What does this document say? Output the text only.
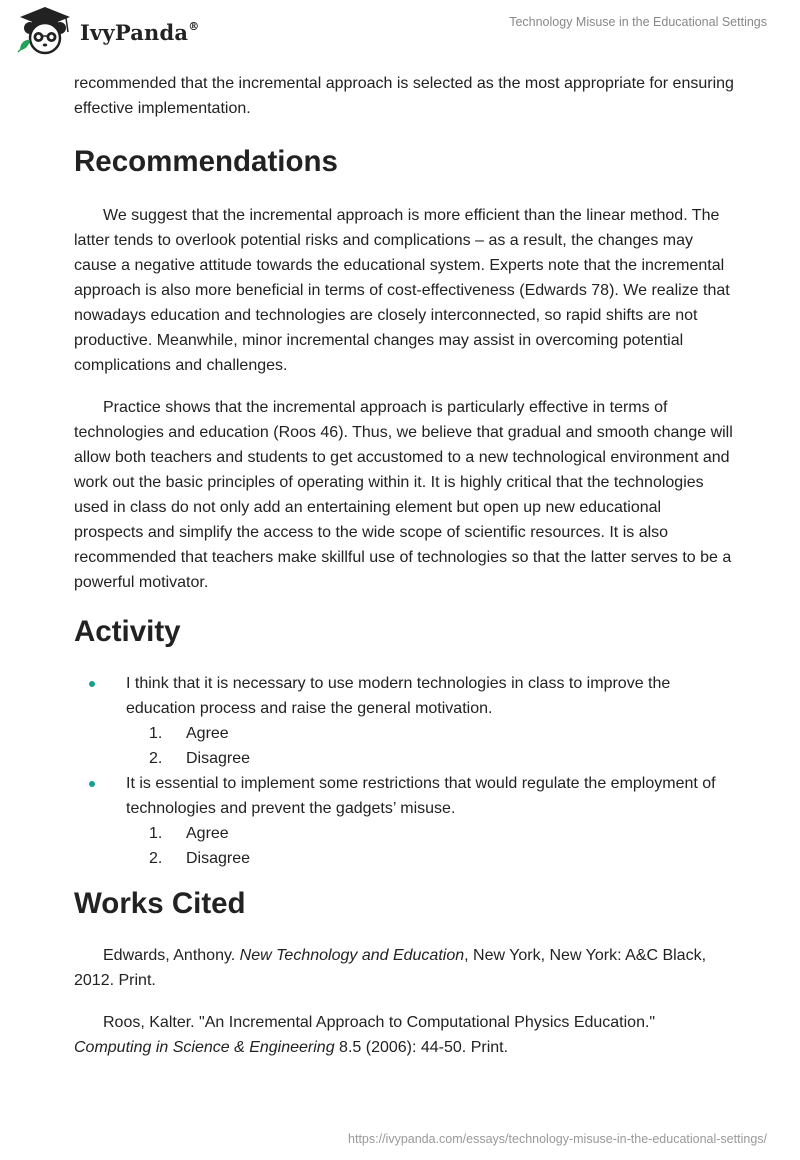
IvyPanda®	Technology Misuse in the Educational Settings

recommended that the incremental approach is selected as the most appropriate for ensuring effective implementation.

Recommendations

We suggest that the incremental approach is more efficient than the linear method. The latter tends to overlook potential risks and complications – as a result, the changes may cause a negative attitude towards the educational system. Experts note that the incremental approach is also more beneficial in terms of cost-effectiveness (Edwards 78). We realize that nowadays education and technologies are closely interconnected, so rapid shifts are not productive. Meanwhile, minor incremental changes may assist in overcoming potential complications and challenges.

Practice shows that the incremental approach is particularly effective in terms of technologies and education (Roos 46). Thus, we believe that gradual and smooth change will allow both teachers and students to get accustomed to a new technological environment and work out the basic principles of operating within it. It is highly critical that the technologies used in class do not only add an entertaining element but open up new educational prospects and simplify the access to the wide scope of scientific resources. It is also recommended that teachers make skillful use of technologies so that the latter serves to be a powerful motivator.

Activity
I think that it is necessary to use modern technologies in class to improve the education process and raise the general motivation.
1. Agree
2. Disagree
It is essential to implement some restrictions that would regulate the employment of technologies and prevent the gadgets’ misuse.
1. Agree
2. Disagree
Works Cited

Edwards, Anthony. New Technology and Education, New York, New York: A&C Black, 2012. Print.

Roos, Kalter. "An Incremental Approach to Computational Physics Education." Computing in Science & Engineering 8.5 (2006): 44-50. Print.

https://ivypanda.com/essays/technology-misuse-in-the-educational-settings/
